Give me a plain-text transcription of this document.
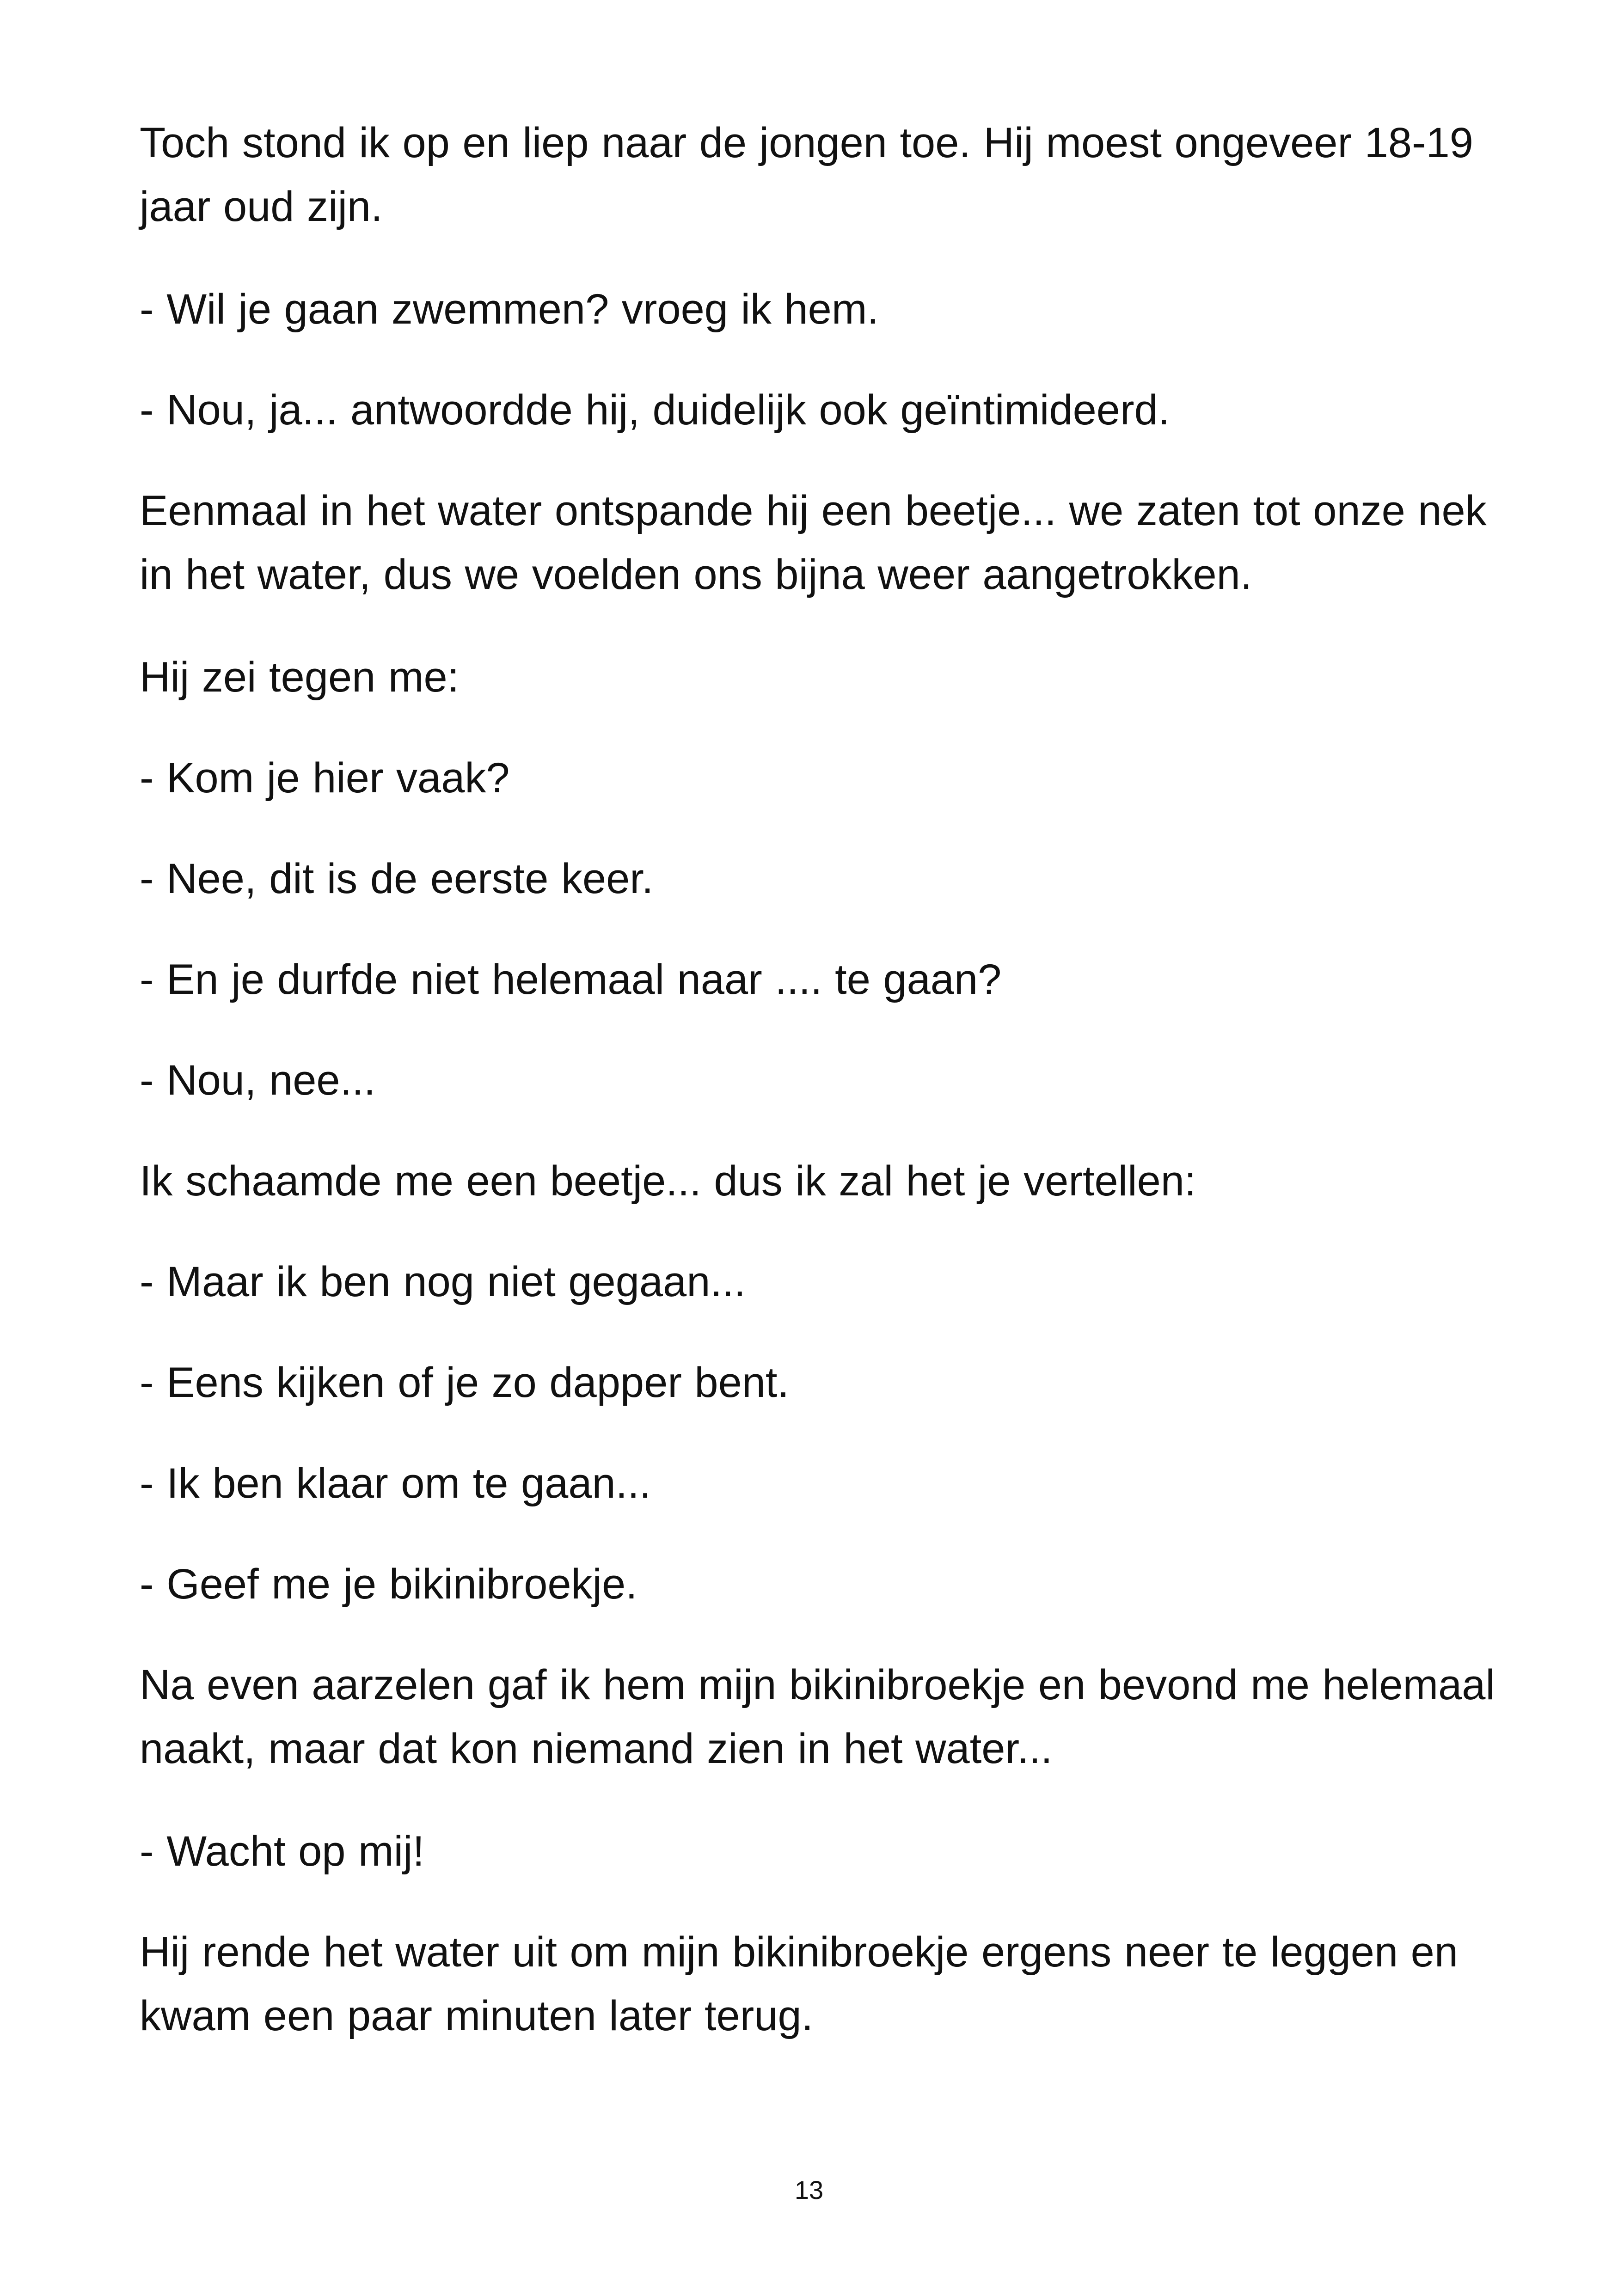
Toch stond ik op en liep naar de jongen toe. Hij moest ongeveer 18-19 jaar oud zijn.

- Wil je gaan zwemmen? vroeg ik hem.

- Nou, ja... antwoordde hij, duidelijk ook geïntimideerd.

Eenmaal in het water ontspande hij een beetje... we zaten tot onze nek in het water, dus we voelden ons bijna weer aangetrokken.

Hij zei tegen me:

- Kom je hier vaak?

- Nee, dit is de eerste keer.

- En je durfde niet helemaal naar .... te gaan?

- Nou, nee...

Ik schaamde me een beetje... dus ik zal het je vertellen:

- Maar ik ben nog niet gegaan...

- Eens kijken of je zo dapper bent.

- Ik ben klaar om te gaan...

- Geef me je bikinibroekje.

Na even aarzelen gaf ik hem mijn bikinibroekje en bevond me helemaal naakt, maar dat kon niemand zien in het water...

- Wacht op mij!

Hij rende het water uit om mijn bikinibroekje ergens neer te leggen en kwam een paar minuten later terug.

13
